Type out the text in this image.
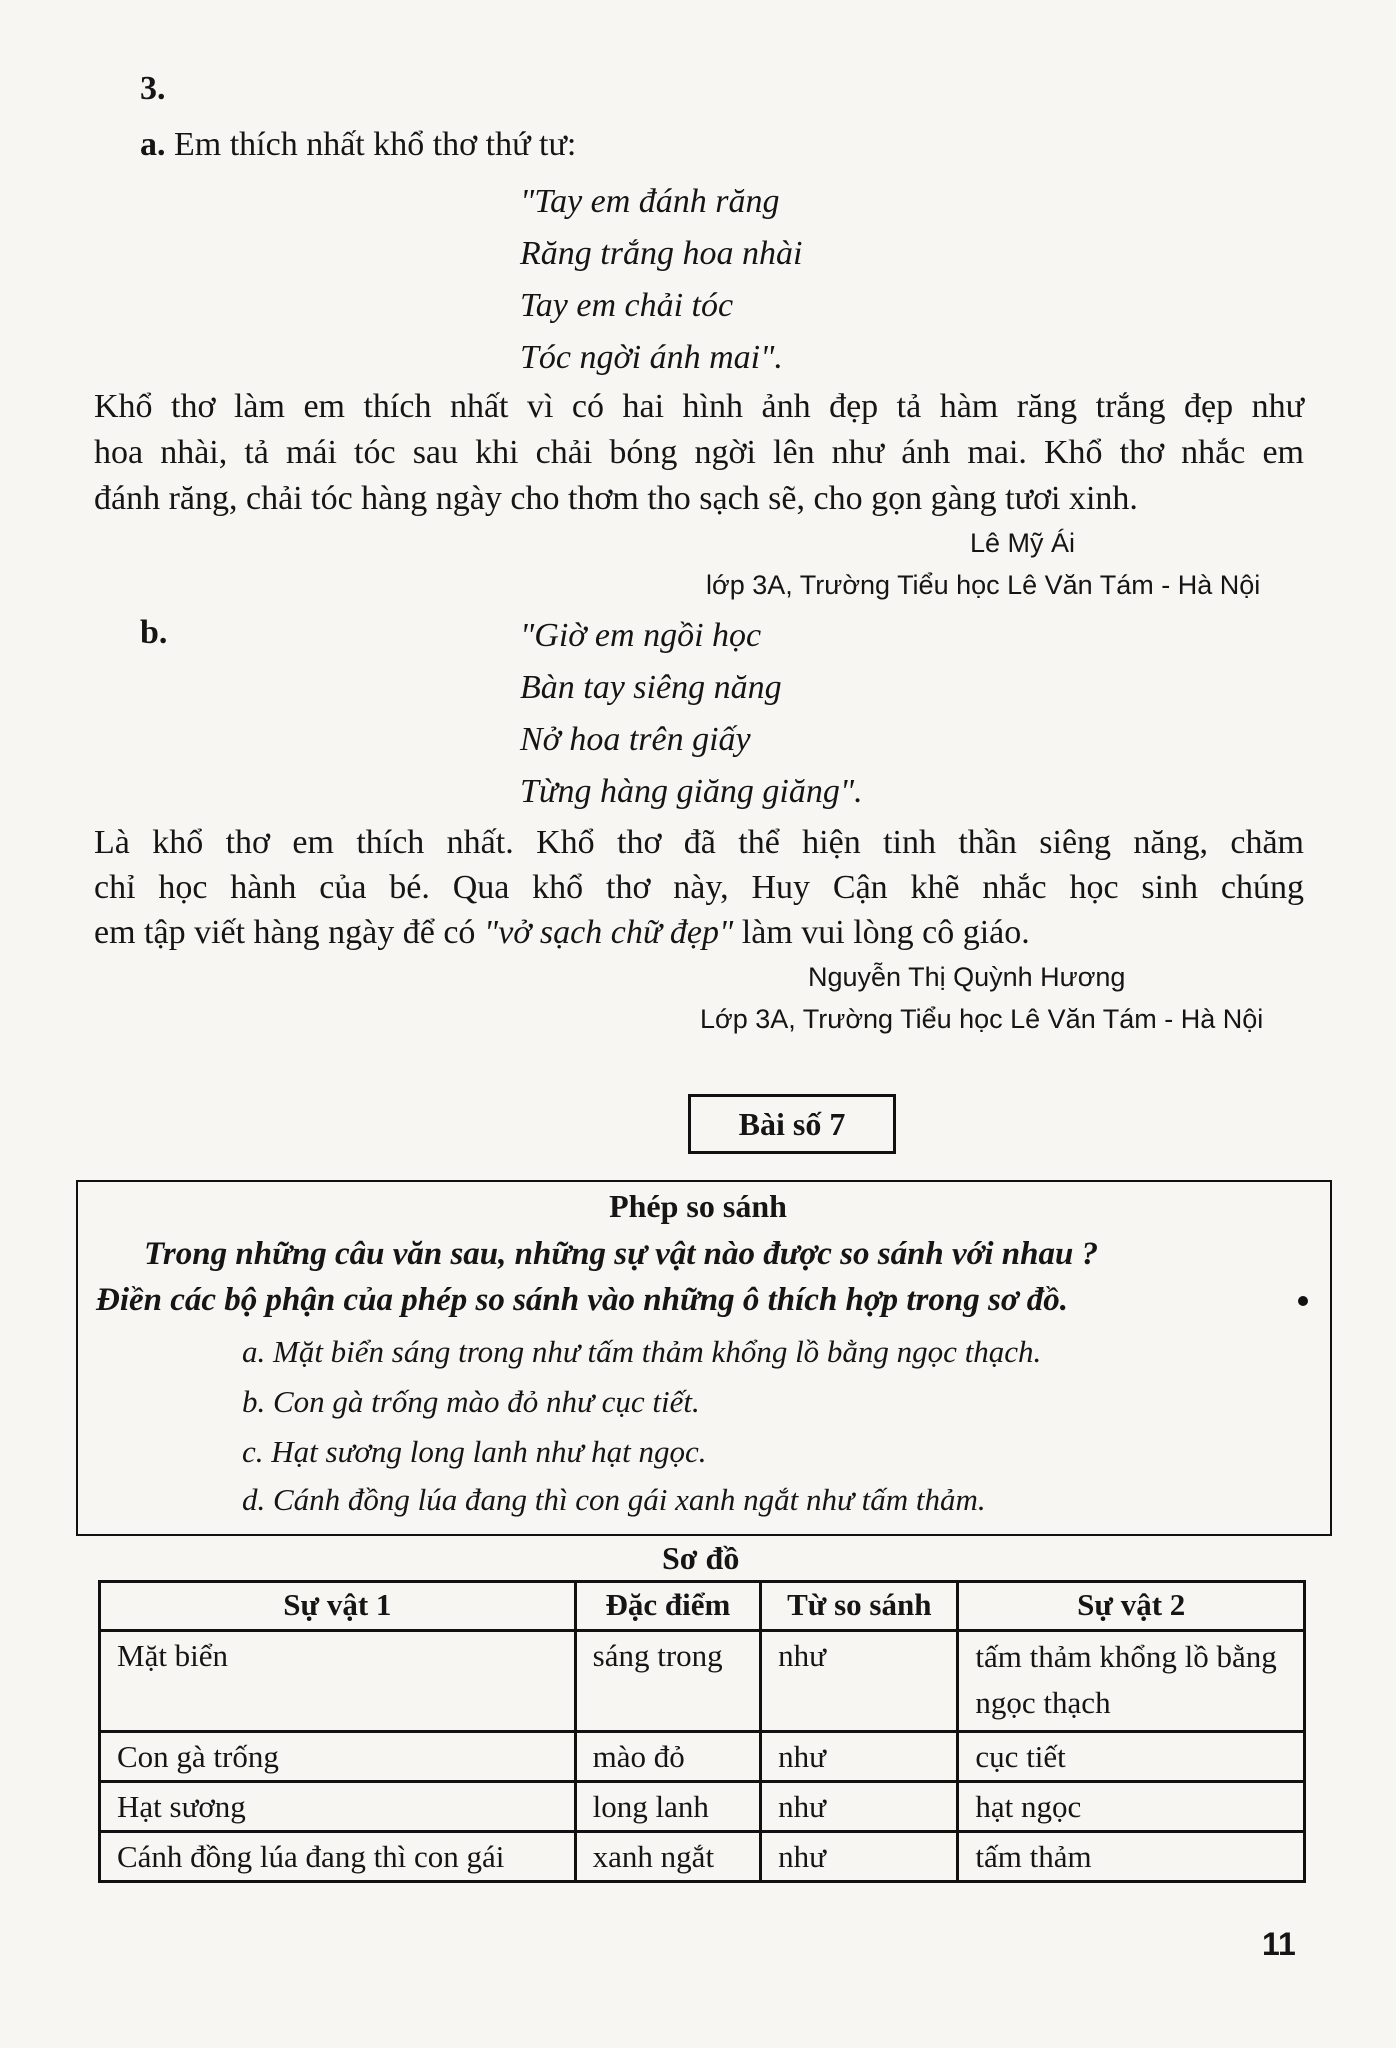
3.
a. Em thích nhất khổ thơ thứ tư:
"Tay em đánh răng
Răng trắng hoa nhài
Tay em chải tóc
Tóc ngời ánh mai".
Khổ thơ làm em thích nhất vì có hai hình ảnh đẹp tả hàm răng trắng đẹp như
hoa nhài, tả mái tóc sau khi chải bóng ngời lên như ánh mai. Khổ thơ nhắc em
đánh răng, chải tóc hàng ngày cho thơm tho sạch sẽ, cho gọn gàng tươi xinh.
Lê Mỹ Ái
lớp 3A, Trường Tiểu học Lê Văn Tám - Hà Nội
b.	"Giờ em ngồi học
Bàn tay siêng năng
Nở hoa trên giấy
Từng hàng giăng giăng".
Là khổ thơ em thích nhất. Khổ thơ đã thể hiện tinh thần siêng năng, chăm
chỉ học hành của bé. Qua khổ thơ này, Huy Cận khẽ nhắc học sinh chúng
em tập viết hàng ngày để có "vở sạch chữ đẹp" làm vui lòng cô giáo.
Nguyễn Thị Quỳnh Hương
Lớp 3A, Trường Tiểu học Lê Văn Tám - Hà Nội
Bài số 7
Phép so sánh
Trong những câu văn sau, những sự vật nào được so sánh với nhau ?
Điền các bộ phận của phép so sánh vào những ô thích hợp trong sơ đồ.
a. Mặt biển sáng trong như tấm thảm khổng lồ bằng ngọc thạch.
b. Con gà trống mào đỏ như cục tiết.
c. Hạt sương long lanh như hạt ngọc.
d. Cánh đồng lúa đang thì con gái xanh ngắt như tấm thảm.
Sơ đồ
Sự vật 1	Đặc điểm	Từ so sánh	Sự vật 2
Mặt biển	sáng trong	như	tấm thảm khổng lồ bằng ngọc thạch
Con gà trống	mào đỏ	như	cục tiết
Hạt sương	long lanh	như	hạt ngọc
Cánh đồng lúa đang thì con gái	xanh ngắt	như	tấm thảm
11
